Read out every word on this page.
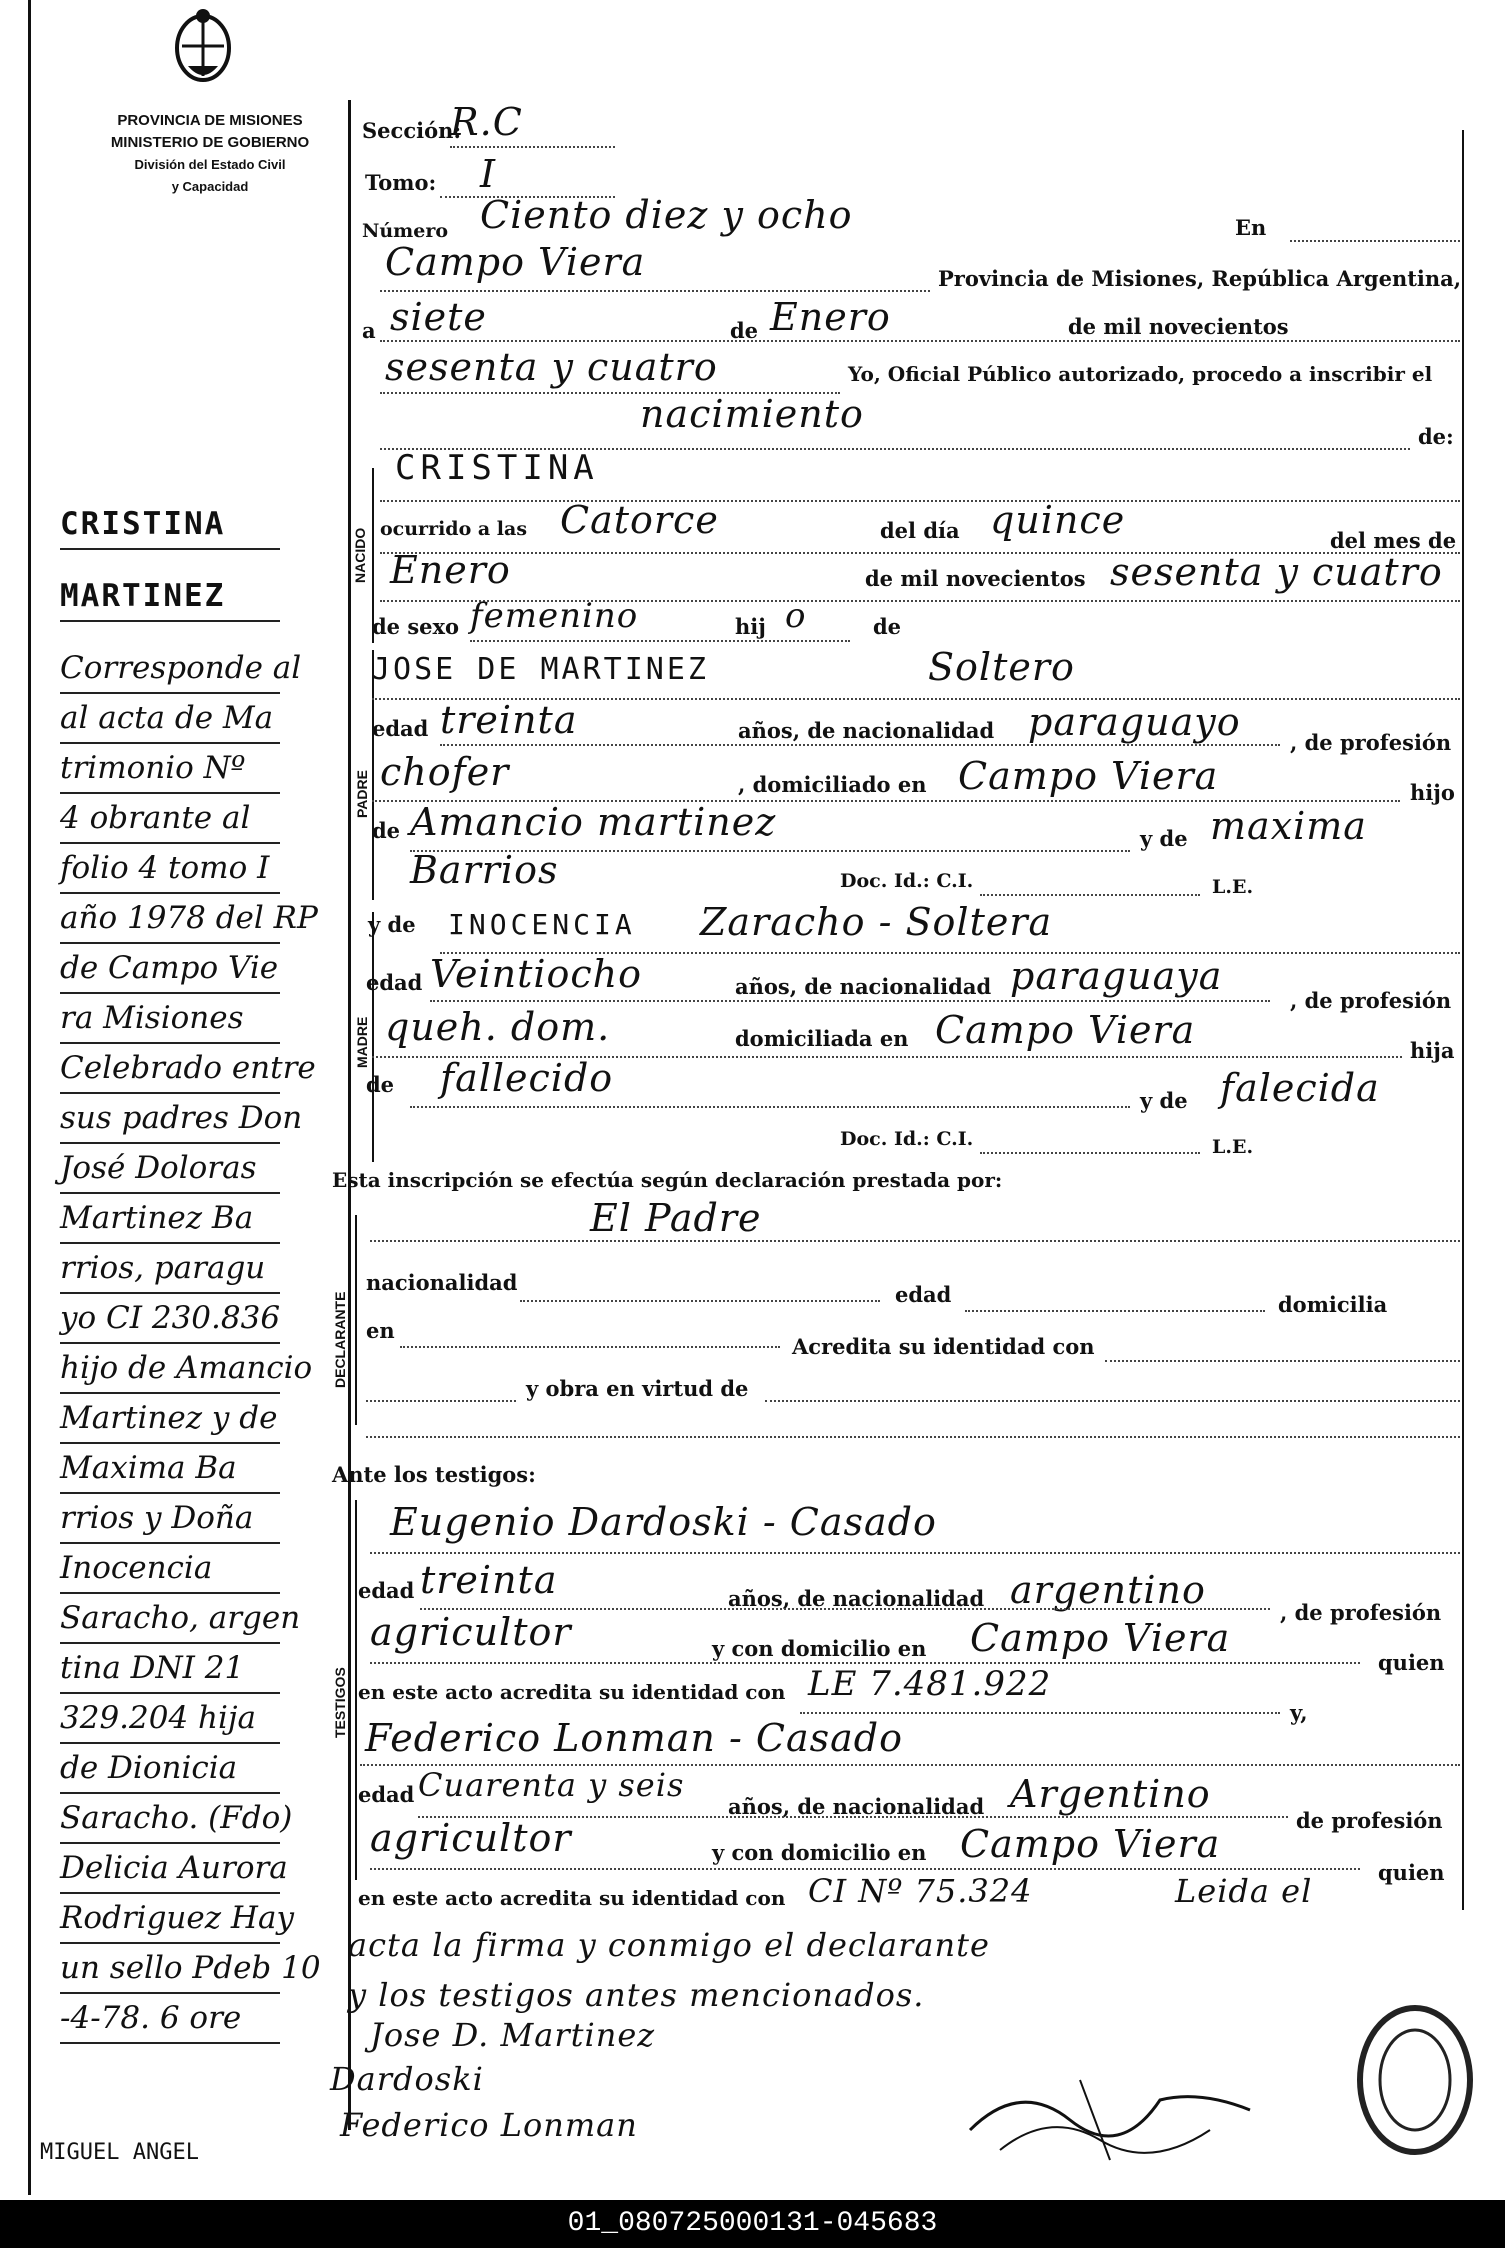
PROVINCIA DE MISIONES
MINISTERIO DE GOBIERNO
División del Estado Civil
y Capacidad
NACIDO
PADRE
MADRE
DECLARANTE
TESTIGOS
Sección:
R.C
Tomo: I
Número Ciento diez y ocho	En
Campo Viera	Provincia de Misiones, República Argentina,
a siete	de Enero	de mil novecientos
sesenta y cuatro	Yo, Oficial Público autorizado, procedo a inscribir el
nacimiento
de:
CRISTINA
ocurrido a las Catorce	del día quince	del mes de
Enero	de mil novecientos sesenta y cuatro
de sexo femenino	hij o	de
JOSE DE MARTINEZ	Soltero
edad treinta	años, de nacionalidad paraguayo , de profesión
chofer	, domiciliado en Campo Viera	hijo
de Amancio martinez	y de maxima
Barrios	Doc. Id.: C.I.	L.E.
y de INOCENCIA Zaracho - Soltera
edad Veintiocho	años, de nacionalidad paraguaya
, de profesión
queh. dom.	domiciliada en Campo Viera	hija
de fallecido
y de falecida
Doc. Id.: C.I.	L.E.
Esta inscripción se efectúa según declaración prestada por:
El Padre
nacionalidad	edad	domicilia
en
Acredita su identidad con
y obra en virtud de
Ante los testigos:
Eugenio Dardoski - Casado
edad treinta	años, de nacionalidad argentino
, de profesión
agricultor	y con domicilio en Campo Viera
quien
en este acto acredita su identidad con LE 7.481.922
y,
Federico Lonman - Casado
edad Cuarenta y seis
años, de nacionalidad Argentino
de profesión
agricultor	y con domicilio en Campo Viera
quien
en este acto acredita su identidad con CI Nº 75.324	Leida el
acta la firma y conmigo el declarante
y los testigos antes mencionados.
Jose D. Martinez
Dardoski
Federico Lonman
CRISTINA
MARTINEZ
Corresponde al
al acta de Ma
trimonio Nº
4 obrante al
folio 4 tomo I
año 1978 del RP
de Campo Vie
ra Misiones
Celebrado entre
sus padres Don
José Doloras
Martinez Ba
rrios, paragu
yo CI 230.836
hijo de Amancio
Martinez y de
Maxima Ba
rrios y Doña
Inocencia
Saracho, argen
tina DNI 21
329.204 hija
de Dionicia
Saracho. (Fdo)
Delicia Aurora
Rodriguez Hay
un sello Pdeb 10
-4-78. 6 ore
MIGUEL ANGEL
01_080725000131-045683
